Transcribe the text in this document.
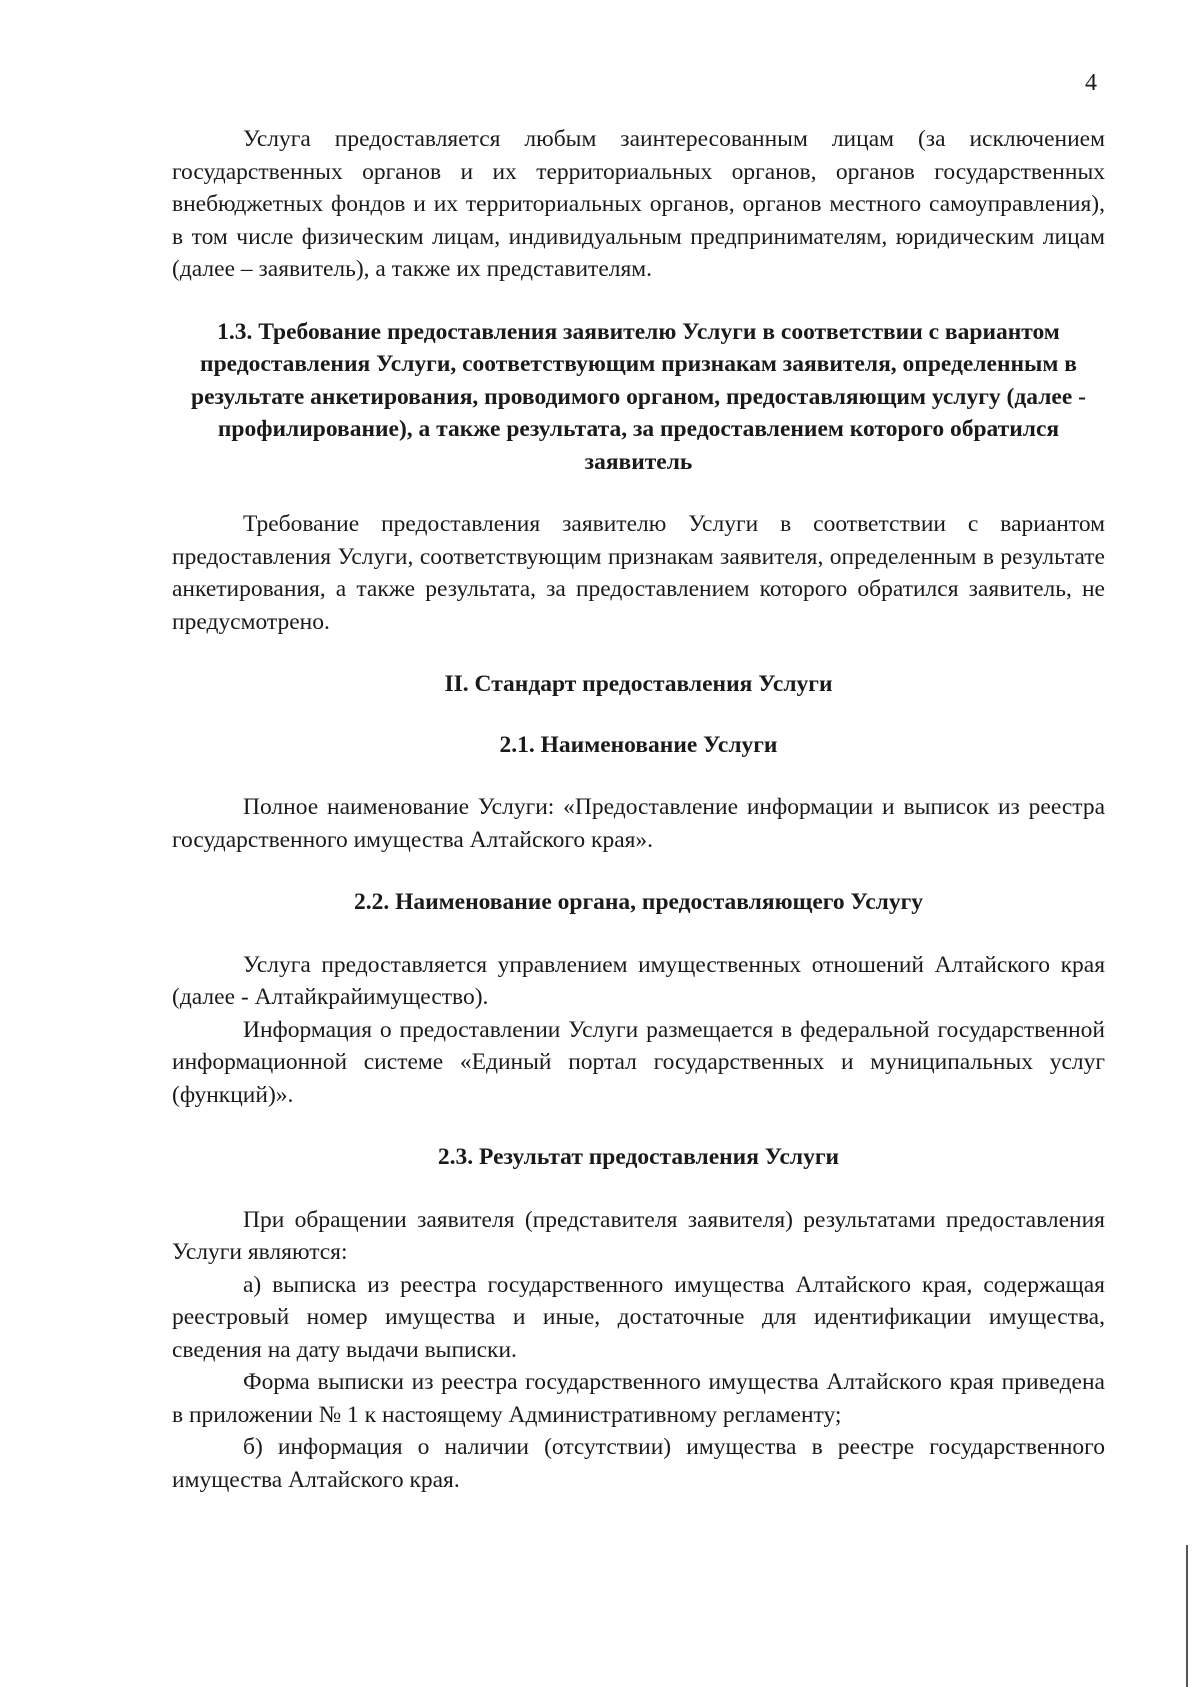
4

Услуга предоставляется любым заинтересованным лицам (за исключением государственных органов и их территориальных органов, органов государственных внебюджетных фондов и их территориальных органов, органов местного самоуправления), в том числе физическим лицам, индивидуальным предпринимателям, юридическим лицам (далее – заявитель), а также их представителям.

1.3. Требование предоставления заявителю Услуги в соответствии с вариантом предоставления Услуги, соответствующим признакам заявителя, определенным в результате анкетирования, проводимого органом, предоставляющим услугу (далее - профилирование), а также результата, за предоставлением которого обратился заявитель

Требование предоставления заявителю Услуги в соответствии с вариантом предоставления Услуги, соответствующим признакам заявителя, определенным в результате анкетирования, а также результата, за предоставлением которого обратился заявитель, не предусмотрено.

II. Стандарт предоставления Услуги
2.1. Наименование Услуги

Полное наименование Услуги: «Предоставление информации и выписок из реестра государственного имущества Алтайского края».

2.2. Наименование органа, предоставляющего Услугу

Услуга предоставляется управлением имущественных отношений Алтайского края (далее - Алтайкрайимущество).

Информация о предоставлении Услуги размещается в федеральной государственной информационной системе «Единый портал государственных и муниципальных услуг (функций)».

2.3. Результат предоставления Услуги

При обращении заявителя (представителя заявителя) результатами предоставления Услуги являются:

а) выписка из реестра государственного имущества Алтайского края, содержащая реестровый номер имущества и иные, достаточные для идентификации имущества, сведения на дату выдачи выписки.

Форма выписки из реестра государственного имущества Алтайского края приведена в приложении № 1 к настоящему Административному регламенту;

б) информация о наличии (отсутствии) имущества в реестре государственного имущества Алтайского края.
